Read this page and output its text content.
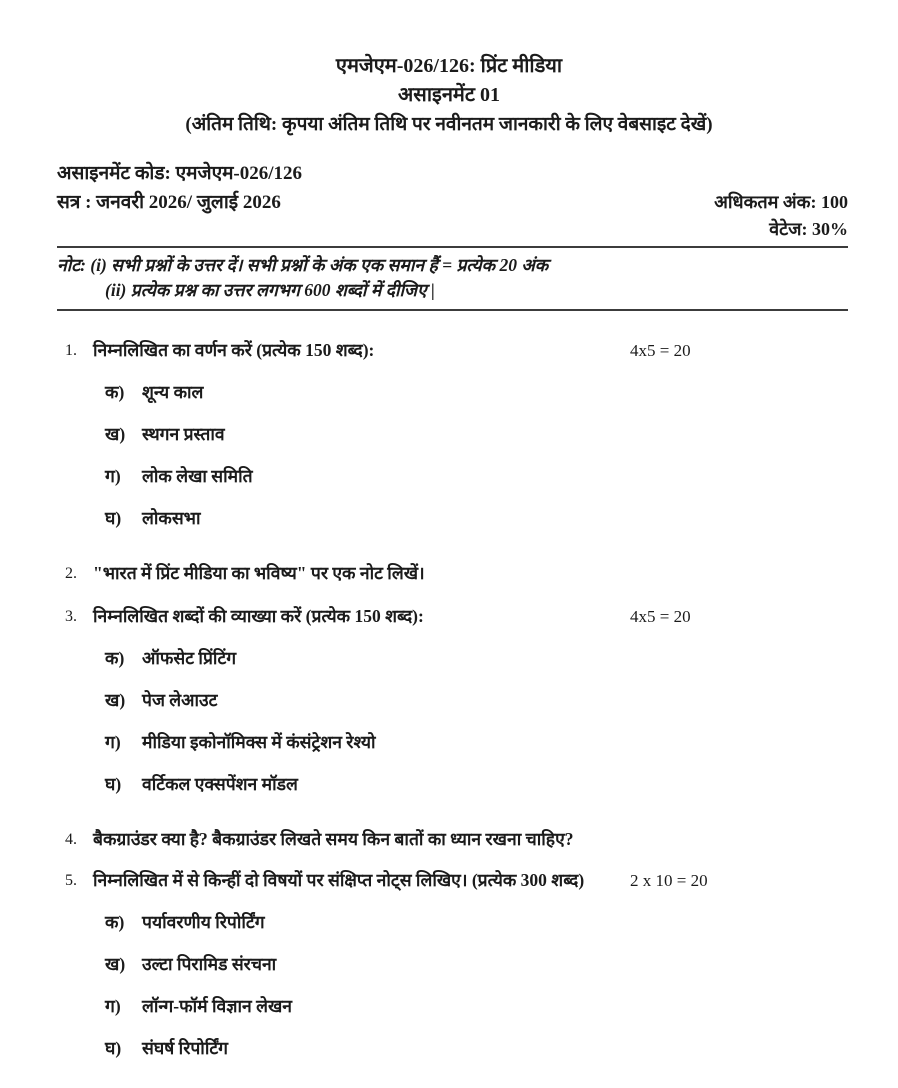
एमजेएम-026/126: प्रिंट मीडिया
असाइनमेंट 01
(अंतिम तिथि: कृपया अंतिम तिथि पर नवीनतम जानकारी के लिए वेबसाइट देखें)
असाइनमेंट कोड: एमजेएम-026/126
सत्र : जनवरी 2026/ जुलाई 2026	अधिकतम अंक: 100
वेटेज: 30%
नोट: (i) सभी प्रश्नों के उत्तर दें। सभी प्रश्नों के अंक एक समान हैं = प्रत्येक 20 अंक
(ii) प्रत्येक प्रश्न का उत्तर लगभग 600 शब्दों में दीजिए |
1. निम्नलिखित का वर्णन करें (प्रत्येक 150 शब्द):	4x5 = 20
क)	शून्य काल
ख) स्थगन प्रस्ताव
ग)	लोक लेखा समिति
घ)	लोकसभा
2. "भारत में प्रिंट मीडिया का भविष्य" पर एक नोट लिखें।
3. निम्नलिखित शब्दों की व्याख्या करें (प्रत्येक 150 शब्द):	4x5 = 20
क)	ऑफसेट प्रिंटिंग
ख) पेज लेआउट
ग)	मीडिया इकोनॉमिक्स में कंसंट्रेशन रेश्यो
घ)	वर्टिकल एक्सपेंशन मॉडल
4. बैकग्राउंडर क्या है? बैकग्राउंडर लिखते समय किन बातों का ध्यान रखना चाहिए?
5. निम्नलिखित में से किन्हीं दो विषयों पर संक्षिप्त नोट्स लिखिए। (प्रत्येक 300 शब्द)	2 x 10 = 20
क)	पर्यावरणीय रिपोर्टिंग
ख) उल्टा पिरामिड संरचना
ग)	लॉन्ग-फॉर्म विज्ञान लेखन
घ)	संघर्ष रिपोर्टिंग
